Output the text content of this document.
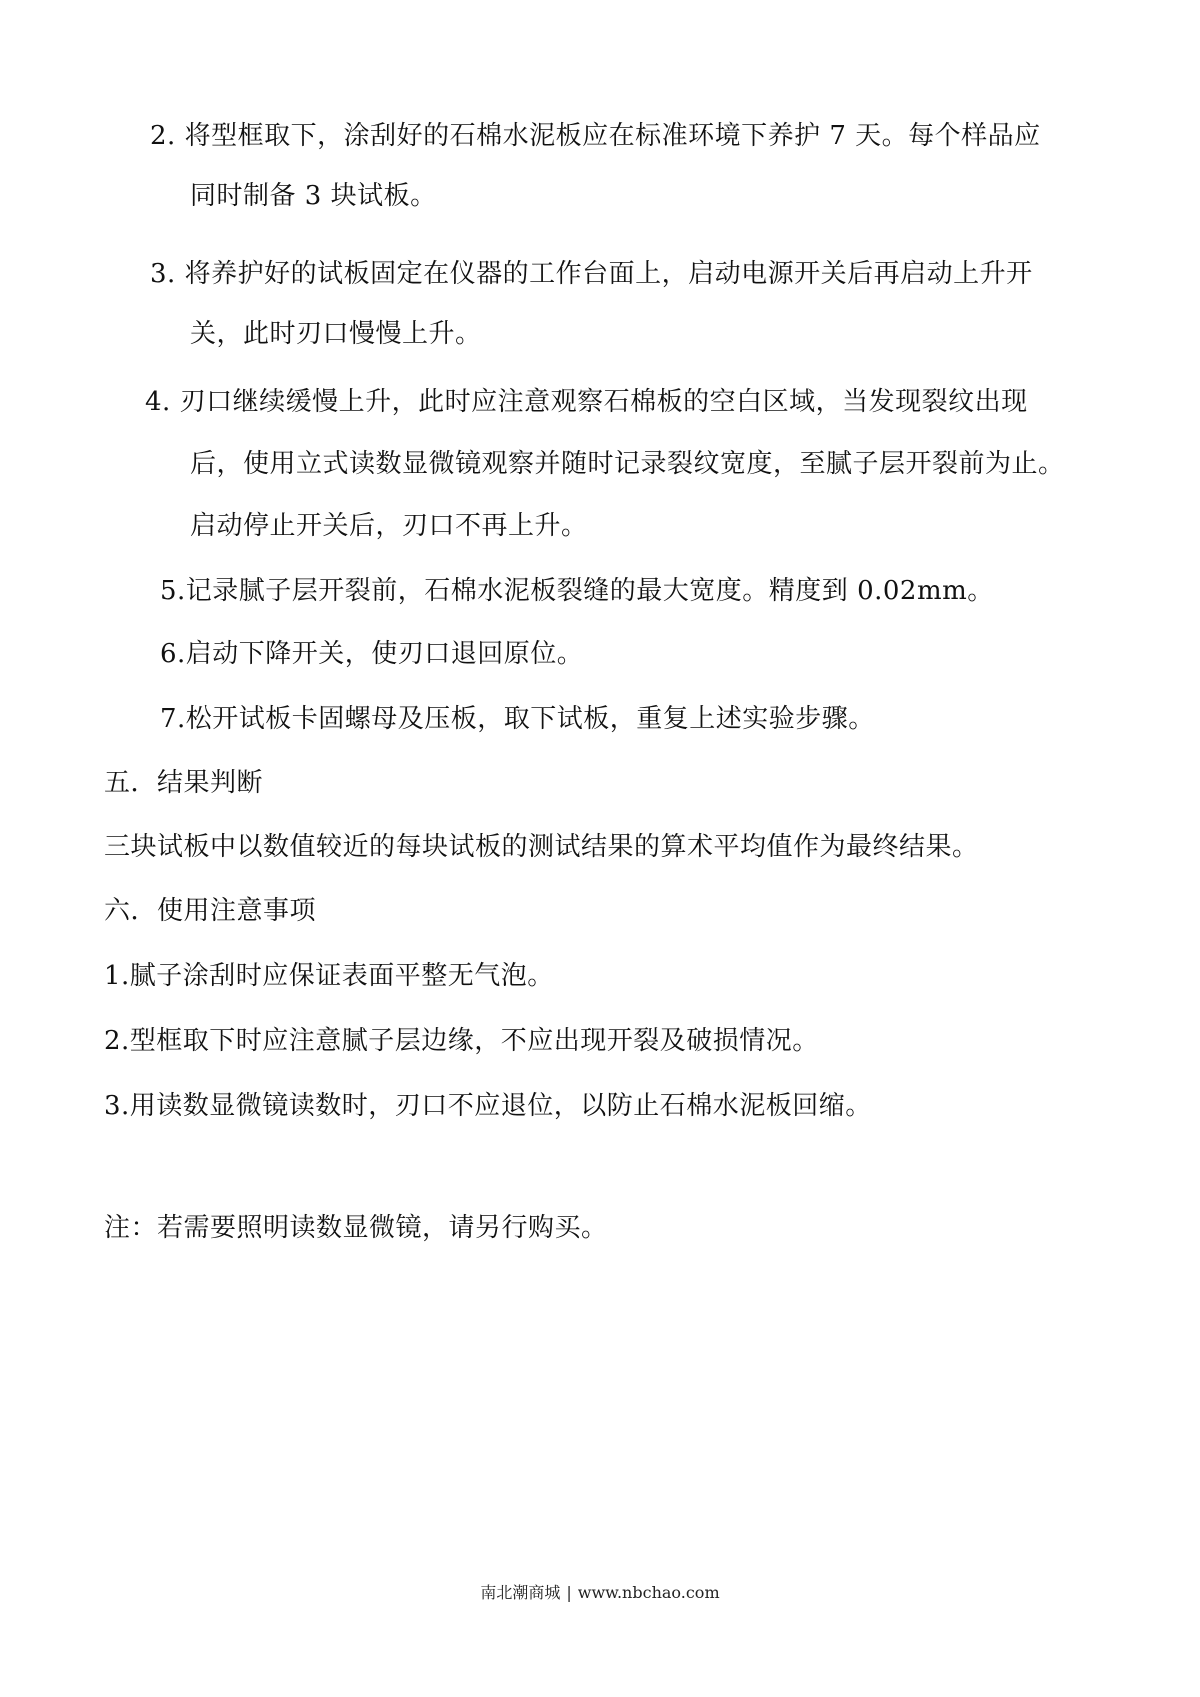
2. 将型框取下，涂刮好的石棉水泥板应在标准环境下养护 7 天。每个样品应
同时制备 3 块试板。
3. 将养护好的试板固定在仪器的工作台面上，启动电源开关后再启动上升开
关，此时刃口慢慢上升。
4. 刃口继续缓慢上升，此时应注意观察石棉板的空白区域，当发现裂纹出现
后，使用立式读数显微镜观察并随时记录裂纹宽度，至腻子层开裂前为止。
启动停止开关后，刃口不再上升。
5.记录腻子层开裂前，石棉水泥板裂缝的最大宽度。精度到 0.02mm。
6.启动下降开关，使刃口退回原位。
7.松开试板卡固螺母及压板，取下试板，重复上述实验步骤。
五．结果判断
三块试板中以数值较近的每块试板的测试结果的算术平均值作为最终结果。
六．使用注意事项
1.腻子涂刮时应保证表面平整无气泡。
2.型框取下时应注意腻子层边缘，不应出现开裂及破损情况。
3.用读数显微镜读数时，刃口不应退位，以防止石棉水泥板回缩。
注：若需要照明读数显微镜，请另行购买。
南北潮商城 | www.nbchao.com
